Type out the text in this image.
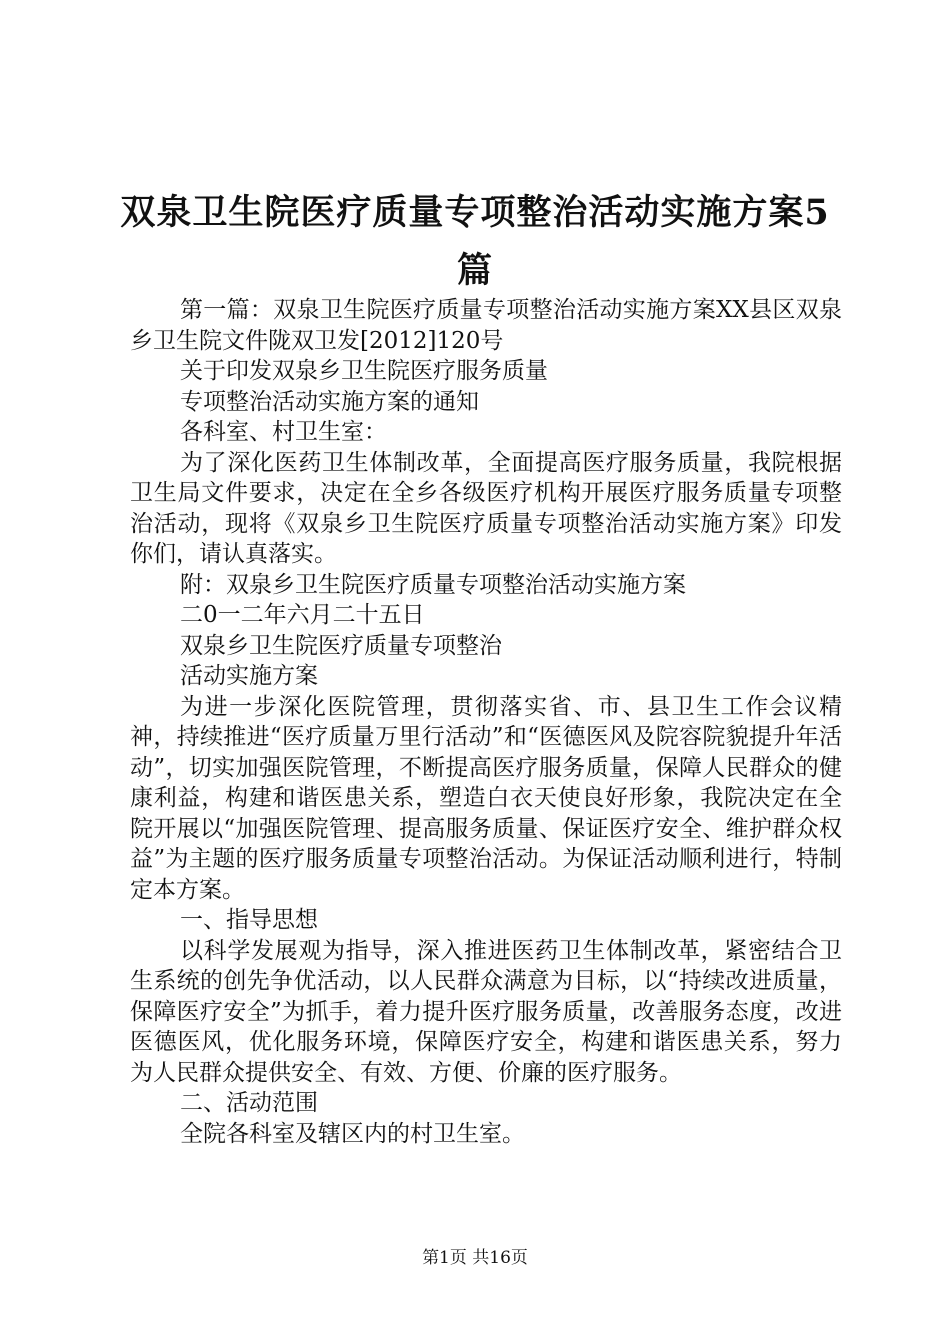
双泉卫生院医疗质量专项整治活动实施方案5篇

第一篇：双泉卫生院医疗质量专项整治活动实施方案XX县区双泉乡卫生院文件陇双卫发[2012]120号

关于印发双泉乡卫生院医疗服务质量

专项整治活动实施方案的通知

各科室、村卫生室：

为了深化医药卫生体制改革，全面提高医疗服务质量，我院根据卫生局文件要求，决定在全乡各级医疗机构开展医疗服务质量专项整治活动，现将《双泉乡卫生院医疗质量专项整治活动实施方案》印发你们，请认真落实。

附：双泉乡卫生院医疗质量专项整治活动实施方案

二0一二年六月二十五日

双泉乡卫生院医疗质量专项整治

活动实施方案

为进一步深化医院管理，贯彻落实省、市、县卫生工作会议精神，持续推进“医疗质量万里行活动”和“医德医风及院容院貌提升年活动”，切实加强医院管理，不断提高医疗服务质量，保障人民群众的健康利益，构建和谐医患关系，塑造白衣天使良好形象，我院决定在全院开展以“加强医院管理、提高服务质量、保证医疗安全、维护群众权益”为主题的医疗服务质量专项整治活动。为保证活动顺利进行，特制定本方案。

一、指导思想

以科学发展观为指导，深入推进医药卫生体制改革，紧密结合卫生系统的创先争优活动，以人民群众满意为目标，以“持续改进质量，保障医疗安全”为抓手，着力提升医疗服务质量，改善服务态度，改进医德医风，优化服务环境，保障医疗安全，构建和谐医患关系，努力为人民群众提供安全、有效、方便、价廉的医疗服务。

二、活动范围

全院各科室及辖区内的村卫生室。

第1页 共16页
